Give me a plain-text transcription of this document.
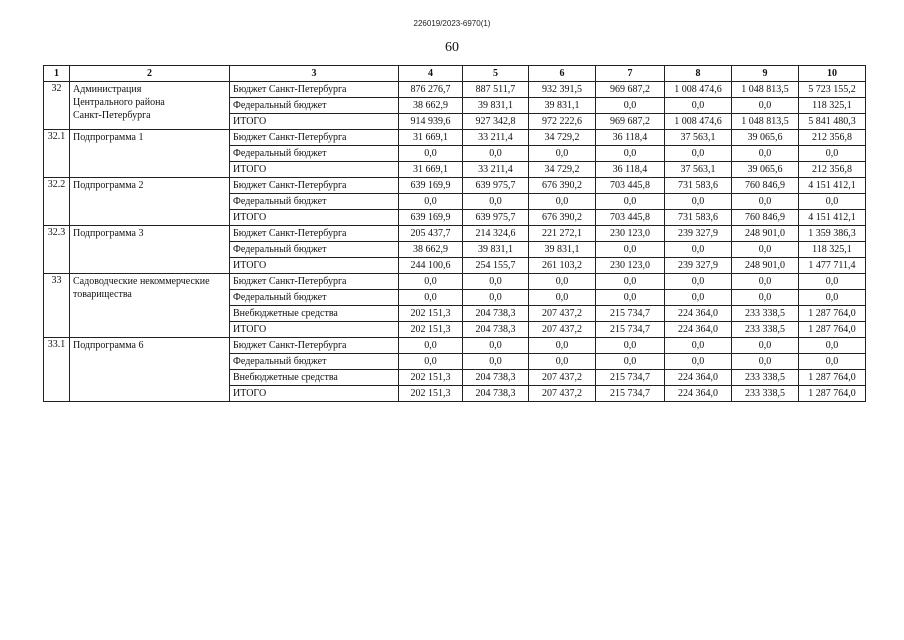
226019/2023-6970(1)
60
1	2	3	4	5	6	7	8	9	10
32	Администрация
Центрального района
Санкт-Петербурга	Бюджет Санкт-Петербурга	876 276,7	887 511,7	932 391,5	969 687,2	1 008 474,6	1 048 813,5	5 723 155,2
		Федеральный бюджет	38 662,9	39 831,1	39 831,1	0,0	0,0	0,0	118 325,1
		ИТОГО	914 939,6	927 342,8	972 222,6	969 687,2	1 008 474,6	1 048 813,5	5 841 480,3
32.1	Подпрограмма 1	Бюджет Санкт-Петербурга	31 669,1	33 211,4	34 729,2	36 118,4	37 563,1	39 065,6	212 356,8
		Федеральный бюджет	0,0	0,0	0,0	0,0	0,0	0,0	0,0
		ИТОГО	31 669,1	33 211,4	34 729,2	36 118,4	37 563,1	39 065,6	212 356,8
32.2	Подпрограмма 2	Бюджет Санкт-Петербурга	639 169,9	639 975,7	676 390,2	703 445,8	731 583,6	760 846,9	4 151 412,1
		Федеральный бюджет	0,0	0,0	0,0	0,0	0,0	0,0	0,0
		ИТОГО	639 169,9	639 975,7	676 390,2	703 445,8	731 583,6	760 846,9	4 151 412,1
32.3	Подпрограмма 3	Бюджет Санкт-Петербурга	205 437,7	214 324,6	221 272,1	230 123,0	239 327,9	248 901,0	1 359 386,3
		Федеральный бюджет	38 662,9	39 831,1	39 831,1	0,0	0,0	0,0	118 325,1
		ИТОГО	244 100,6	254 155,7	261 103,2	230 123,0	239 327,9	248 901,0	1 477 711,4
33	Садоводческие некоммерческие
товарищества	Бюджет Санкт-Петербурга	0,0	0,0	0,0	0,0	0,0	0,0	0,0
		Федеральный бюджет	0,0	0,0	0,0	0,0	0,0	0,0	0,0
		Внебюджетные средства	202 151,3	204 738,3	207 437,2	215 734,7	224 364,0	233 338,5	1 287 764,0
		ИТОГО	202 151,3	204 738,3	207 437,2	215 734,7	224 364,0	233 338,5	1 287 764,0
33.1	Подпрограмма 6	Бюджет Санкт-Петербурга	0,0	0,0	0,0	0,0	0,0	0,0	0,0
		Федеральный бюджет	0,0	0,0	0,0	0,0	0,0	0,0	0,0
		Внебюджетные средства	202 151,3	204 738,3	207 437,2	215 734,7	224 364,0	233 338,5	1 287 764,0
		ИТОГО	202 151,3	204 738,3	207 437,2	215 734,7	224 364,0	233 338,5	1 287 764,0
